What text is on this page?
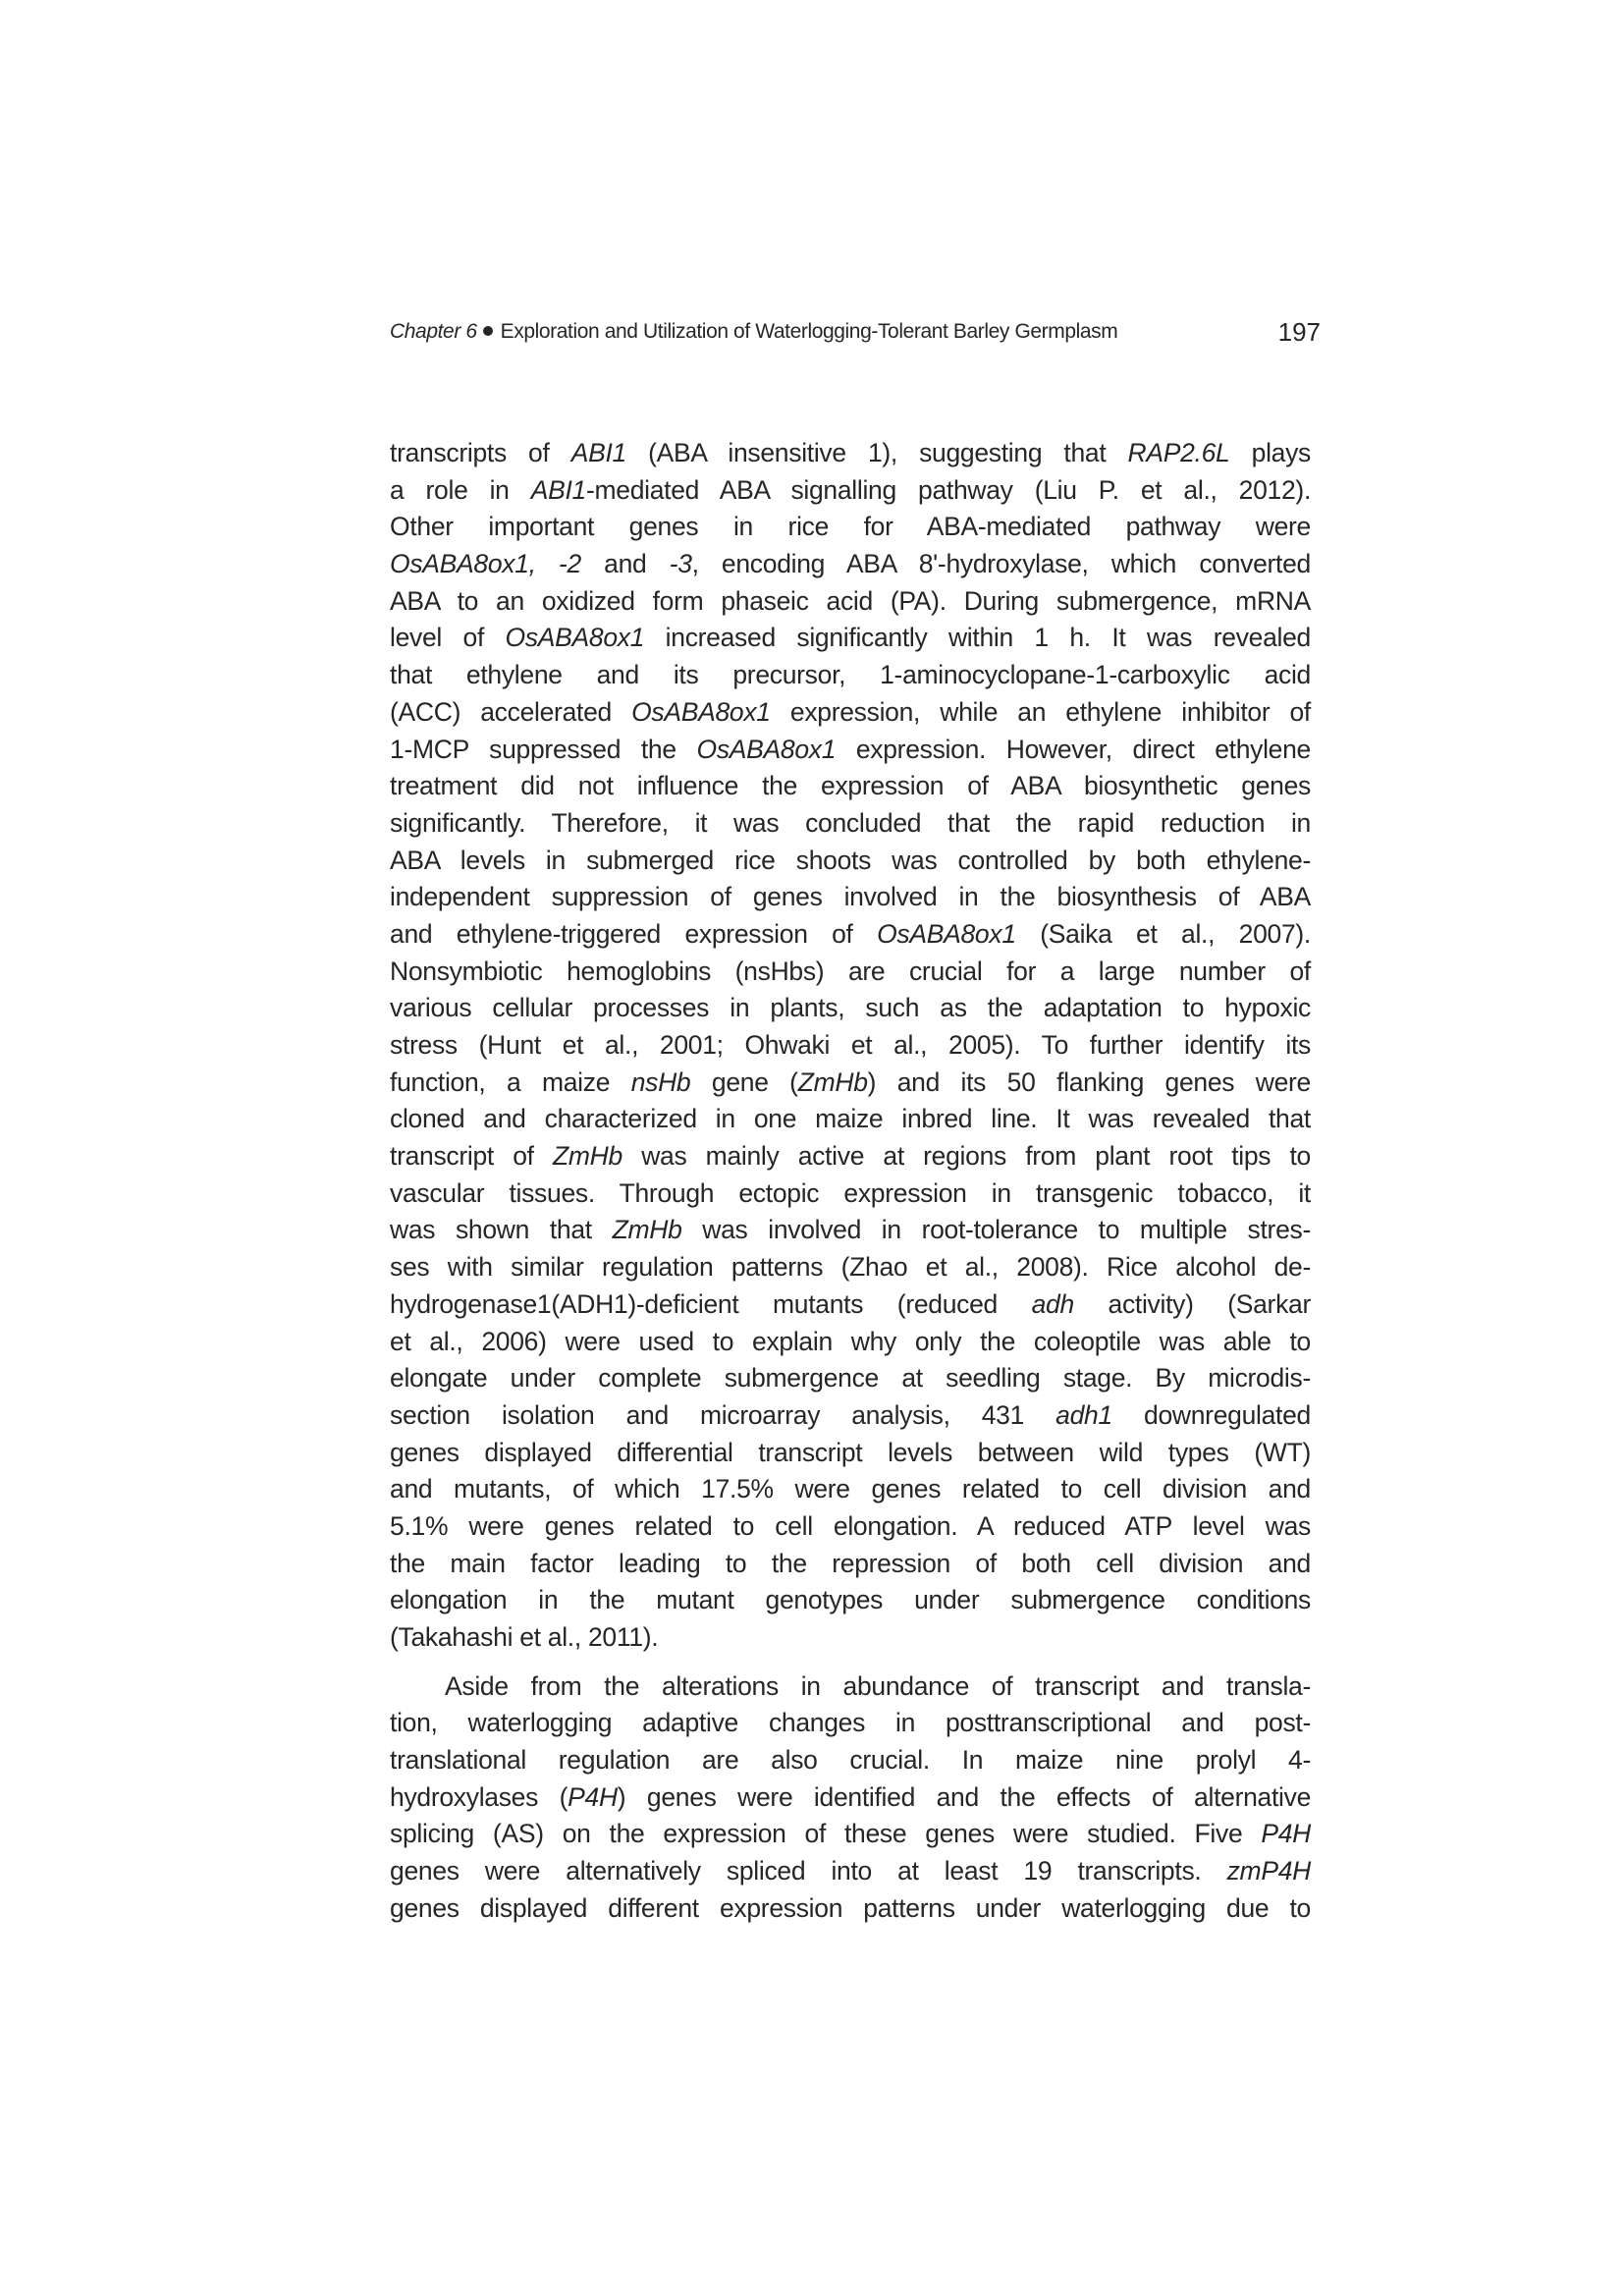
Chapter 6 Exploration and Utilization of Waterlogging-Tolerant Barley Germplasm	197
transcripts of ABI1 (ABA insensitive 1), suggesting that RAP2.6L plays
a role in ABI1-mediated ABA signalling pathway (Liu P. et al., 2012).
Other important genes in rice for ABA-mediated pathway were
OsABA8ox1, -2 and -3, encoding ABA 8'-hydroxylase, which converted
ABA to an oxidized form phaseic acid (PA). During submergence, mRNA
level of OsABA8ox1 increased significantly within 1 h. It was revealed
that ethylene and its precursor, 1-aminocyclopane-1-carboxylic acid
(ACC) accelerated OsABA8ox1 expression, while an ethylene inhibitor of
1-MCP suppressed the OsABA8ox1 expression. However, direct ethylene
treatment did not influence the expression of ABA biosynthetic genes
significantly. Therefore, it was concluded that the rapid reduction in
ABA levels in submerged rice shoots was controlled by both ethylene-
independent suppression of genes involved in the biosynthesis of ABA
and ethylene-triggered expression of OsABA8ox1 (Saika et al., 2007).
Nonsymbiotic hemoglobins (nsHbs) are crucial for a large number of
various cellular processes in plants, such as the adaptation to hypoxic
stress (Hunt et al., 2001; Ohwaki et al., 2005). To further identify its
function, a maize nsHb gene (ZmHb) and its 50 flanking genes were
cloned and characterized in one maize inbred line. It was revealed that
transcript of ZmHb was mainly active at regions from plant root tips to
vascular tissues. Through ectopic expression in transgenic tobacco, it
was shown that ZmHb was involved in root-tolerance to multiple stres-
ses with similar regulation patterns (Zhao et al., 2008). Rice alcohol de-
hydrogenase1(ADH1)-deficient mutants (reduced adh activity) (Sarkar
et al., 2006) were used to explain why only the coleoptile was able to
elongate under complete submergence at seedling stage. By microdis-
section isolation and microarray analysis, 431 adh1 downregulated
genes displayed differential transcript levels between wild types (WT)
and mutants, of which 17.5% were genes related to cell division and
5.1% were genes related to cell elongation. A reduced ATP level was
the main factor leading to the repression of both cell division and
elongation in the mutant genotypes under submergence conditions
(Takahashi et al., 2011).
Aside from the alterations in abundance of transcript and transla-
tion, waterlogging adaptive changes in posttranscriptional and post-
translational regulation are also crucial. In maize nine prolyl 4-
hydroxylases (P4H) genes were identified and the effects of alternative
splicing (AS) on the expression of these genes were studied. Five P4H
genes were alternatively spliced into at least 19 transcripts. zmP4H
genes displayed different expression patterns under waterlogging due to
